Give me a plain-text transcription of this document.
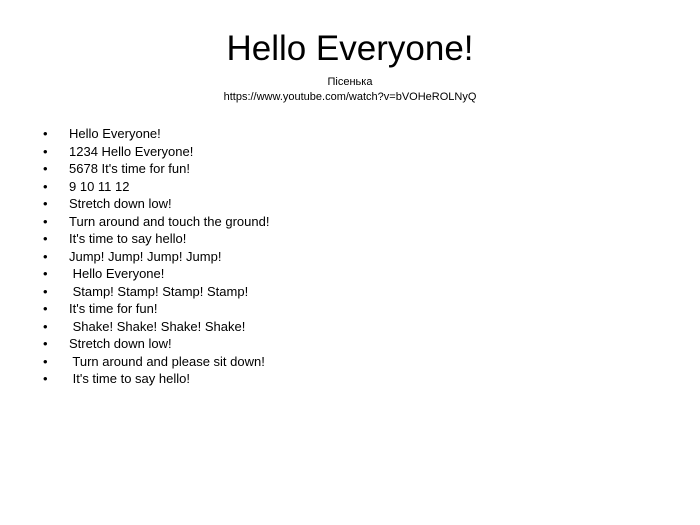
Hello Everyone!
Пісенька
https://www.youtube.com/watch?v=bVOHeROLNyQ
• Hello Everyone!
• 1234 Hello Everyone!
• 5678 It's time for fun!
• 9 10 11 12
• Stretch down low!
• Turn around and touch the ground!
• It's time to say hello!
• Jump! Jump! Jump! Jump!
• Hello Everyone!
• Stamp! Stamp! Stamp! Stamp!
• It's time for fun!
• Shake! Shake! Shake! Shake!
• Stretch down low!
• Turn around and please sit down!
• It's time to say hello!
